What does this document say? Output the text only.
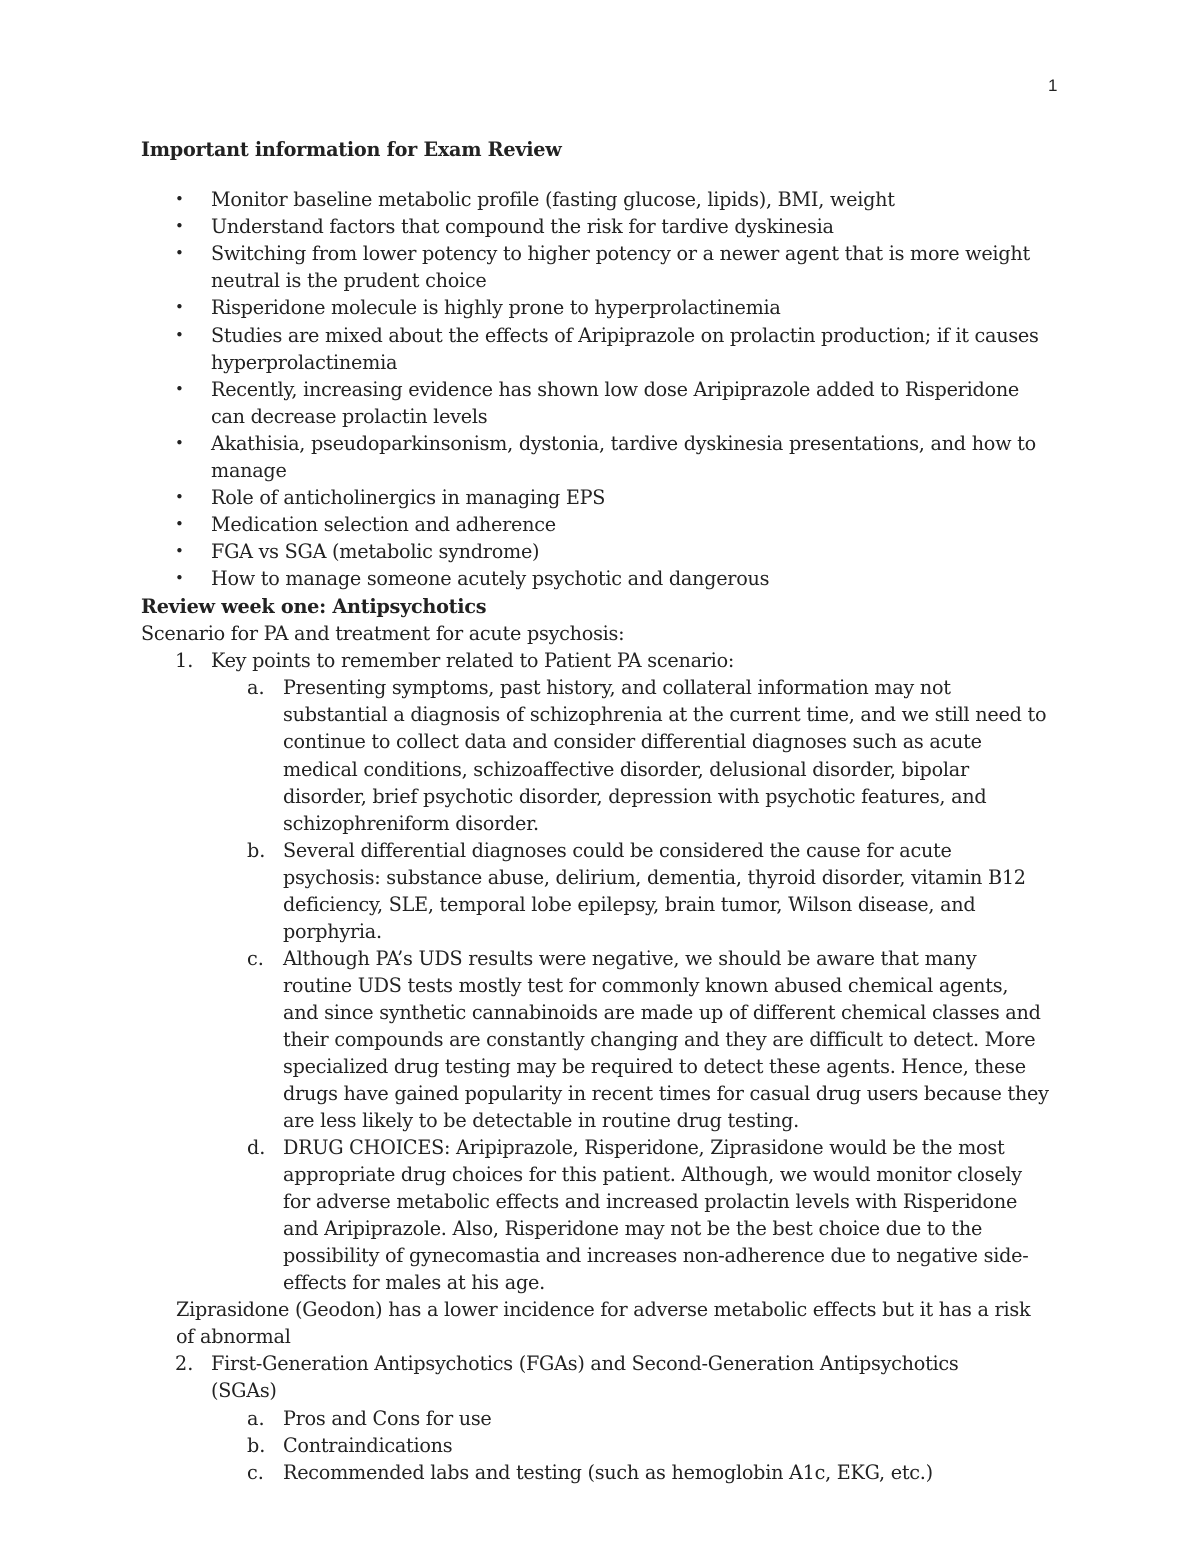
1
Important information for Exam Review
• Monitor baseline metabolic profile (fasting glucose, lipids), BMI, weight
• Understand factors that compound the risk for tardive dyskinesia
• Switching from lower potency to higher potency or a newer agent that is more weight
neutral is the prudent choice
• Risperidone molecule is highly prone to hyperprolactinemia
• Studies are mixed about the effects of Aripiprazole on prolactin production; if it causes
hyperprolactinemia
• Recently, increasing evidence has shown low dose Aripiprazole added to Risperidone
can decrease prolactin levels
• Akathisia, pseudoparkinsonism, dystonia, tardive dyskinesia presentations, and how to
manage
• Role of anticholinergics in managing EPS
• Medication selection and adherence
• FGA vs SGA (metabolic syndrome)
• How to manage someone acutely psychotic and dangerous
Review week one: Antipsychotics
Scenario for PA and treatment for acute psychosis:
1. Key points to remember related to Patient PA scenario:
a. Presenting symptoms, past history, and collateral information may not
substantial a diagnosis of schizophrenia at the current time, and we still need to
continue to collect data and consider differential diagnoses such as acute
medical conditions, schizoaffective disorder, delusional disorder, bipolar
disorder, brief psychotic disorder, depression with psychotic features, and
schizophreniform disorder.
b. Several differential diagnoses could be considered the cause for acute
psychosis: substance abuse, delirium, dementia, thyroid disorder, vitamin B12
deficiency, SLE, temporal lobe epilepsy, brain tumor, Wilson disease, and
porphyria.
c. Although PA’s UDS results were negative, we should be aware that many
routine UDS tests mostly test for commonly known abused chemical agents,
and since synthetic cannabinoids are made up of different chemical classes and
their compounds are constantly changing and they are difficult to detect. More
specialized drug testing may be required to detect these agents. Hence, these
drugs have gained popularity in recent times for casual drug users because they
are less likely to be detectable in routine drug testing.
d. DRUG CHOICES: Aripiprazole, Risperidone, Ziprasidone would be the most
appropriate drug choices for this patient. Although, we would monitor closely
for adverse metabolic effects and increased prolactin levels with Risperidone
and Aripiprazole. Also, Risperidone may not be the best choice due to the
possibility of gynecomastia and increases non-adherence due to negative side-
effects for males at his age.
Ziprasidone (Geodon) has a lower incidence for adverse metabolic effects but it has a risk
of abnormal
2. First-Generation Antipsychotics (FGAs) and Second-Generation Antipsychotics
(SGAs)
a. Pros and Cons for use
b. Contraindications
c. Recommended labs and testing (such as hemoglobin A1c, EKG, etc.)
